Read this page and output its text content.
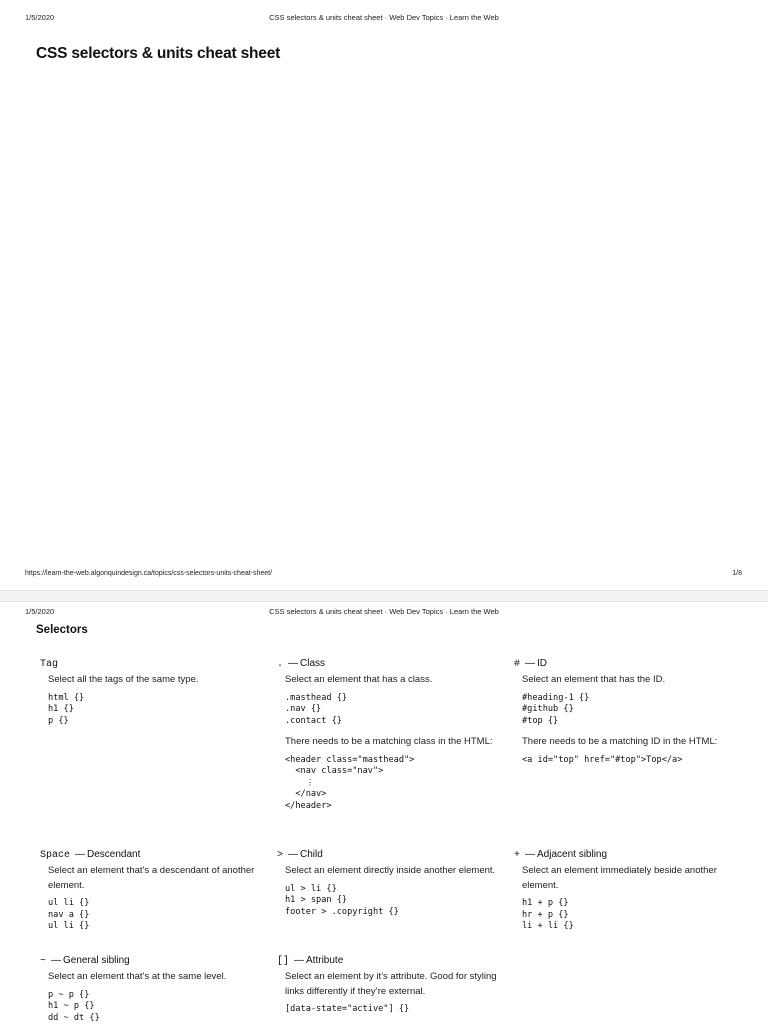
1/5/2020	CSS selectors & units cheat sheet · Web Dev Topics · Learn the Web
CSS selectors & units cheat sheet
https://learn-the-web.algonquindesign.ca/topics/css-selectors-units-cheat-sheet/	1/8
1/5/2020	CSS selectors & units cheat sheet · Web Dev Topics · Learn the Web
Selectors
Tag
Select all the tags of the same type.
html {}
h1 {}
p {}
. — Class
Select an element that has a class.
.masthead {}
.nav {}
.contact {}
There needs to be a matching class in the HTML:
<header class="masthead">
<nav class="nav">
⋮
</nav>
</header>
# — ID
Select an element that has the ID.
#heading-1 {}
#github {}
#top {}
There needs to be a matching ID in the HTML:
<a id="top" href="#top">Top</a>
Space — Descendant
Select an element that’s a descendant of another element.
ul li {}
nav a {}
ul li {}
> — Child
Select an element directly inside another element.
ul > li {}
h1 > span {}
footer > .copyright {}
+ — Adjacent sibling
Select an element immediately beside another element.
h1 + p {}
hr + p {}
li + li {}
~ — General sibling
Select an element that’s at the same level.
p ~ p {}
h1 ~ p {}
dd ~ dt {}
[] — Attribute
Select an element by it’s attribute. Good for styling links differently if they’re external.
[data-state="active"] {}
